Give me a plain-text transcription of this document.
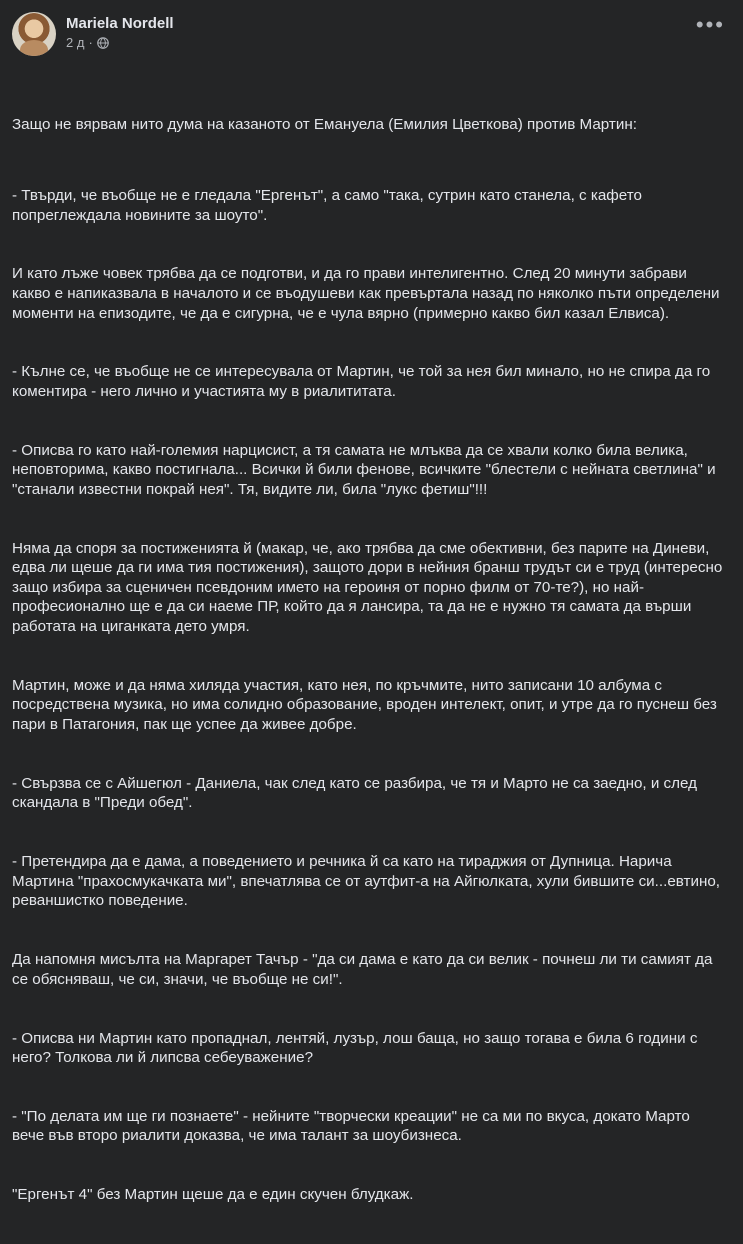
Mariela Nordell
2 д ·
•••

Защо не вярвам нито дума на казаното от Емануела (Емилия Цветкова) против Мартин:

- Твърди, че въобще не е гледала "Ергенът", а само "така, сутрин като станела, с кафето попреглеждала новините за шоуто".

И като лъже човек трябва да се подготви, и да го прави интелигентно. След 20 минути забрави какво е напиказвала в началото и се въодушеви как превъртала назад по няколко пъти определени моменти на епизодите, че да е сигурна, че е чула вярно (примерно какво бил казал Елвиса).

- Кълне се, че въобще не се интересувала от Мартин, че той за нея бил минало, но не спира да го коментира - него лично и участията му в риалититата.

- Описва го като най-големия нарцисист, а тя самата не млъква да се хвали колко била велика, неповторима, какво постигнала... Всички й били фенове, всичките "блестели с нейната светлина" и "станали известни покрай нея". Тя, видите ли, била "лукс фетиш"!!!

Няма да споря за постиженията й (макар, че, ако трябва да сме обективни, без парите на Диневи, едва ли щеше да ги има тия постижения), защото дори в нейния бранш трудът си е труд (интересно защо избира за сценичен псевдоним името на героиня от порно филм от 70-те?), но най-професионално ще е да си наеме ПР, който да я лансира, та да не е нужно тя самата да върши работата на циганката дето умря.

Мартин, може и да няма хиляда участия, като нея, по кръчмите, нито записани 10 албума с посредствена музика, но има солидно образование, вроден интелект, опит, и утре да го пуснеш без пари в Патагония, пак ще успее да живее добре.

- Свързва се с Айшегюл - Даниела, чак след като се разбира, че тя и Марто не са заедно, и след скандала в "Преди обед".

- Претендира да е дама, а поведението и речника й са като на тираджия от Дупница. Нарича Мартина "прахосмукачката ми", впечатлява се от аутфит-а на Айгюлката, хули бившите си...евтино, реваншистко поведение.

Да напомня мисълта на Маргарет Тачър - "да си дама е като да си велик - почнеш ли ти самият да се обясняваш, че си, значи, че въобще не си!".

- Описва ни Мартин като пропаднал, лентяй, лузър, лош баща, но защо тогава е била 6 години с него? Толкова ли й липсва себеуважение?

- "По делата им ще ги познаете" - нейните "творчески креации" не са ми по вкуса, докато Марто вече във второ риалити доказва, че има талант за шоубизнеса.

"Ергенът 4" без Мартин щеше да е един скучен блудкаж.
